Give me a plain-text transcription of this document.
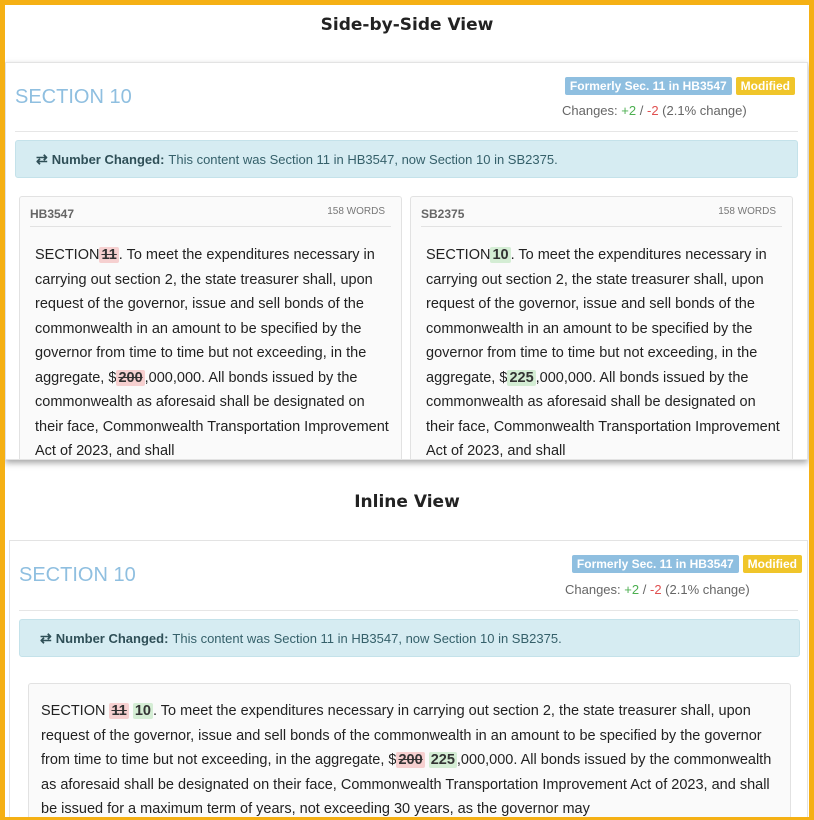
Side-by-Side View
SECTION 10	Formerly Sec. 11 in HB3547	Modified
Changes: +2 / -2 (2.1% change)
⇄ Number Changed: This content was Section 11 in HB3547, now Section 10 in SB2375.
HB3547	158 WORDS
SECTION 11 . To meet the expenditures necessary in carrying out section 2, the state treasurer shall, upon request of the governor, issue and sell bonds of the commonwealth in an amount to be specified by the governor from time to time but not exceeding, in the aggregate, $ 200 ,000,000. All bonds issued by the commonwealth as aforesaid shall be designated on their face, Commonwealth Transportation Improvement Act of 2023, and shall
SB2375	158 WORDS
SECTION 10 . To meet the expenditures necessary in carrying out section 2, the state treasurer shall, upon request of the governor, issue and sell bonds of the commonwealth in an amount to be specified by the governor from time to time but not exceeding, in the aggregate, $ 225 ,000,000. All bonds issued by the commonwealth as aforesaid shall be designated on their face, Commonwealth Transportation Improvement Act of 2023, and shall
Inline View
SECTION 10	Formerly Sec. 11 in HB3547	Modified
Changes: +2 / -2 (2.1% change)
⇄ Number Changed: This content was Section 11 in HB3547, now Section 10 in SB2375.
SECTION 11 10 . To meet the expenditures necessary in carrying out section 2, the state treasurer shall, upon request of the governor, issue and sell bonds of the commonwealth in an amount to be specified by the governor from time to time but not exceeding, in the aggregate, $ 200 225 ,000,000. All bonds issued by the commonwealth as aforesaid shall be designated on their face, Commonwealth Transportation Improvement Act of 2023, and shall be issued for a maximum term of years, not exceeding 30 years, as the governor may
